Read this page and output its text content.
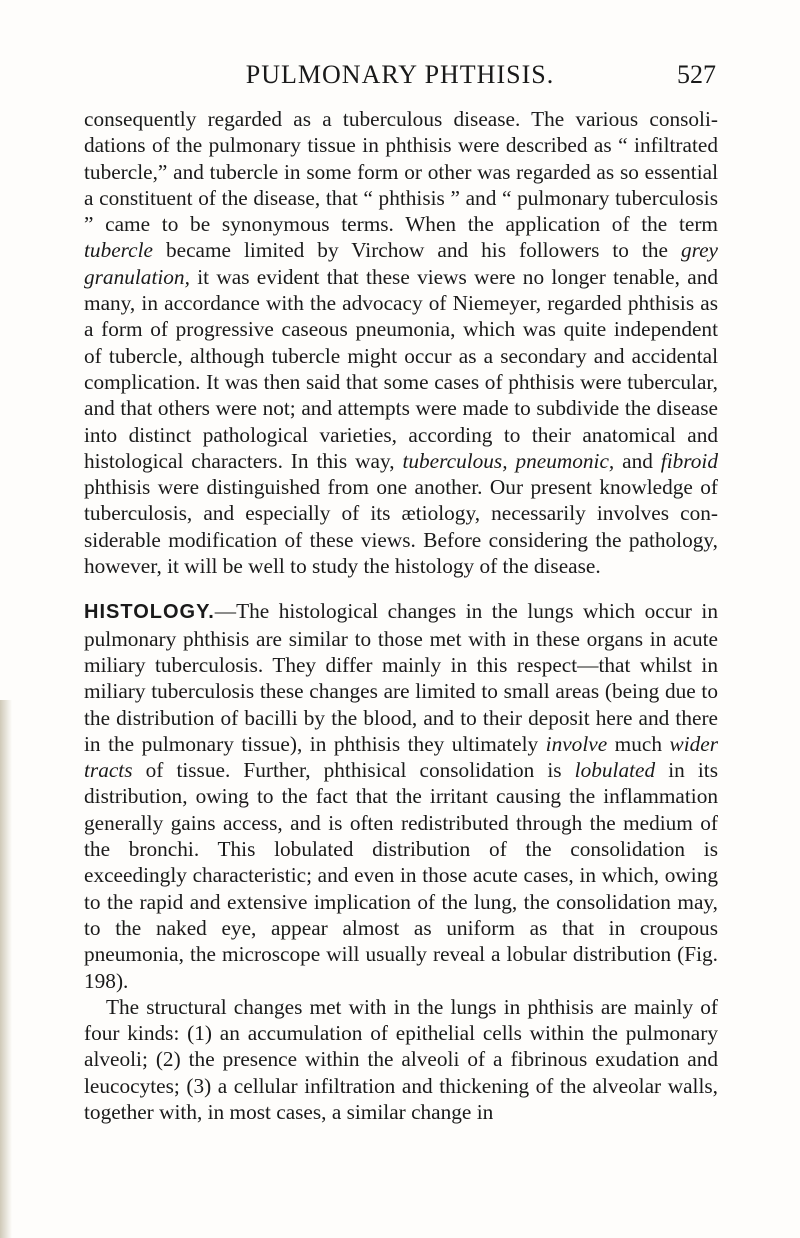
PULMONARY PHTHISIS.	527

consequently regarded as a tuberculous disease. The various consolidations of the pulmonary tissue in phthisis were described as “ infiltrated tubercle,” and tubercle in some form or other was regarded as so essential a constituent of the disease, that “ phthisis ” and “ pulmonary tuberculosis ” came to be synonymous terms. When the application of the term tubercle became limited by Virchow and his followers to the grey granulation, it was evident that these views were no longer tenable, and many, in accordance with the advocacy of Niemeyer, regarded phthisis as a form of progressive caseous pneumonia, which was quite independent of tubercle, although tubercle might occur as a secondary and accidental complication. It was then said that some cases of phthisis were tubercular, and that others were not; and attempts were made to subdivide the disease into distinct pathological varieties, according to their anatomical and histological characters. In this way, tuberculous, pneumonic, and fibroid phthisis were distinguished from one another. Our present knowledge of tuberculosis, and especially of its ætiology, necessarily involves considerable modification of these views. Before considering the pathology, however, it will be well to study the histology of the disease.

HISTOLOGY.—The histological changes in the lungs which occur in pulmonary phthisis are similar to those met with in these organs in acute miliary tuberculosis. They differ mainly in this respect—that whilst in miliary tuberculosis these changes are limited to small areas (being due to the distribution of bacilli by the blood, and to their deposit here and there in the pulmonary tissue), in phthisis they ultimately involve much wider tracts of tissue. Further, phthisical consolidation is lobulated in its distribution, owing to the fact that the irritant causing the inflammation generally gains access, and is often redistributed through the medium of the bronchi. This lobulated distribution of the consolidation is exceedingly characteristic; and even in those acute cases, in which, owing to the rapid and extensive implication of the lung, the consolidation may, to the naked eye, appear almost as uniform as that in croupous pneumonia, the microscope will usually reveal a lobular distribution (Fig. 198).

The structural changes met with in the lungs in phthisis are mainly of four kinds: (1) an accumulation of epithelial cells within the pulmonary alveoli; (2) the presence within the alveoli of a fibrinous exudation and leucocytes; (3) a cellular infiltration and thickening of the alveolar walls, together with, in most cases, a similar change in
